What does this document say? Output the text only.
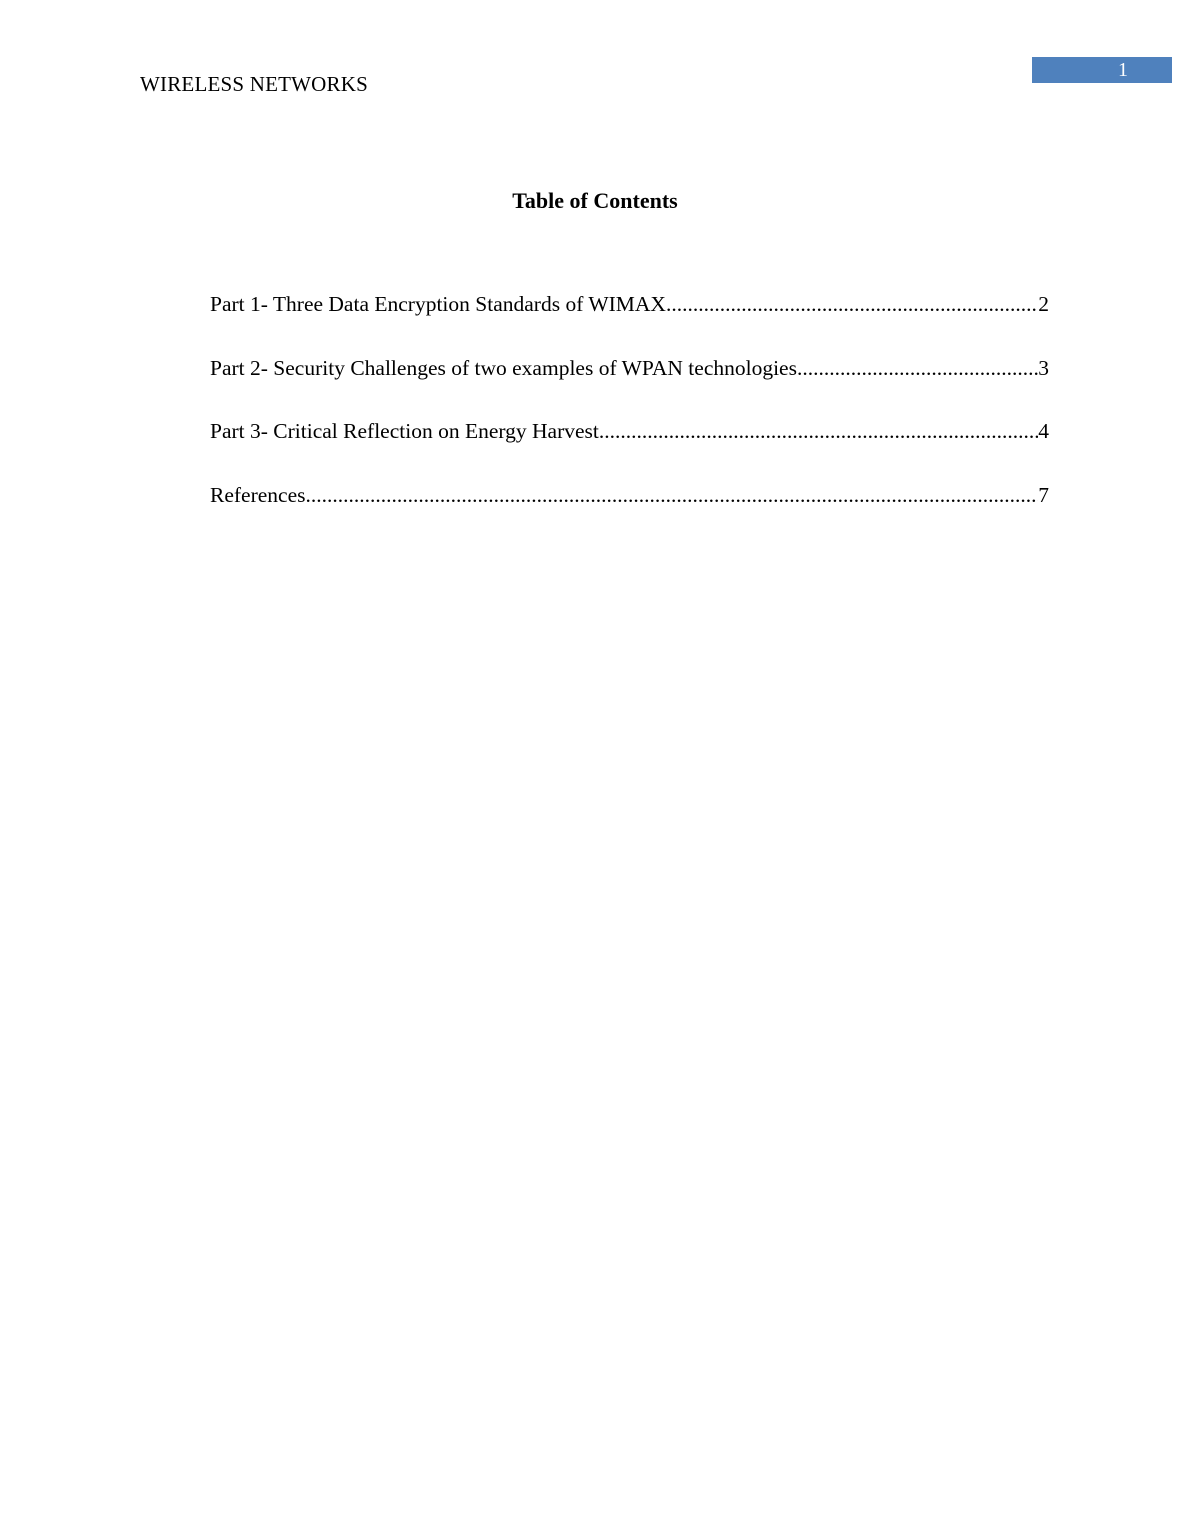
WIRELESS NETWORKS
1
Table of Contents
Part 1- Three Data Encryption Standards of WIMAX .....	2
Part 2- Security Challenges of two examples of WPAN technologies .....	3
Part 3- Critical Reflection on Energy Harvest .....	4
References .....	7
